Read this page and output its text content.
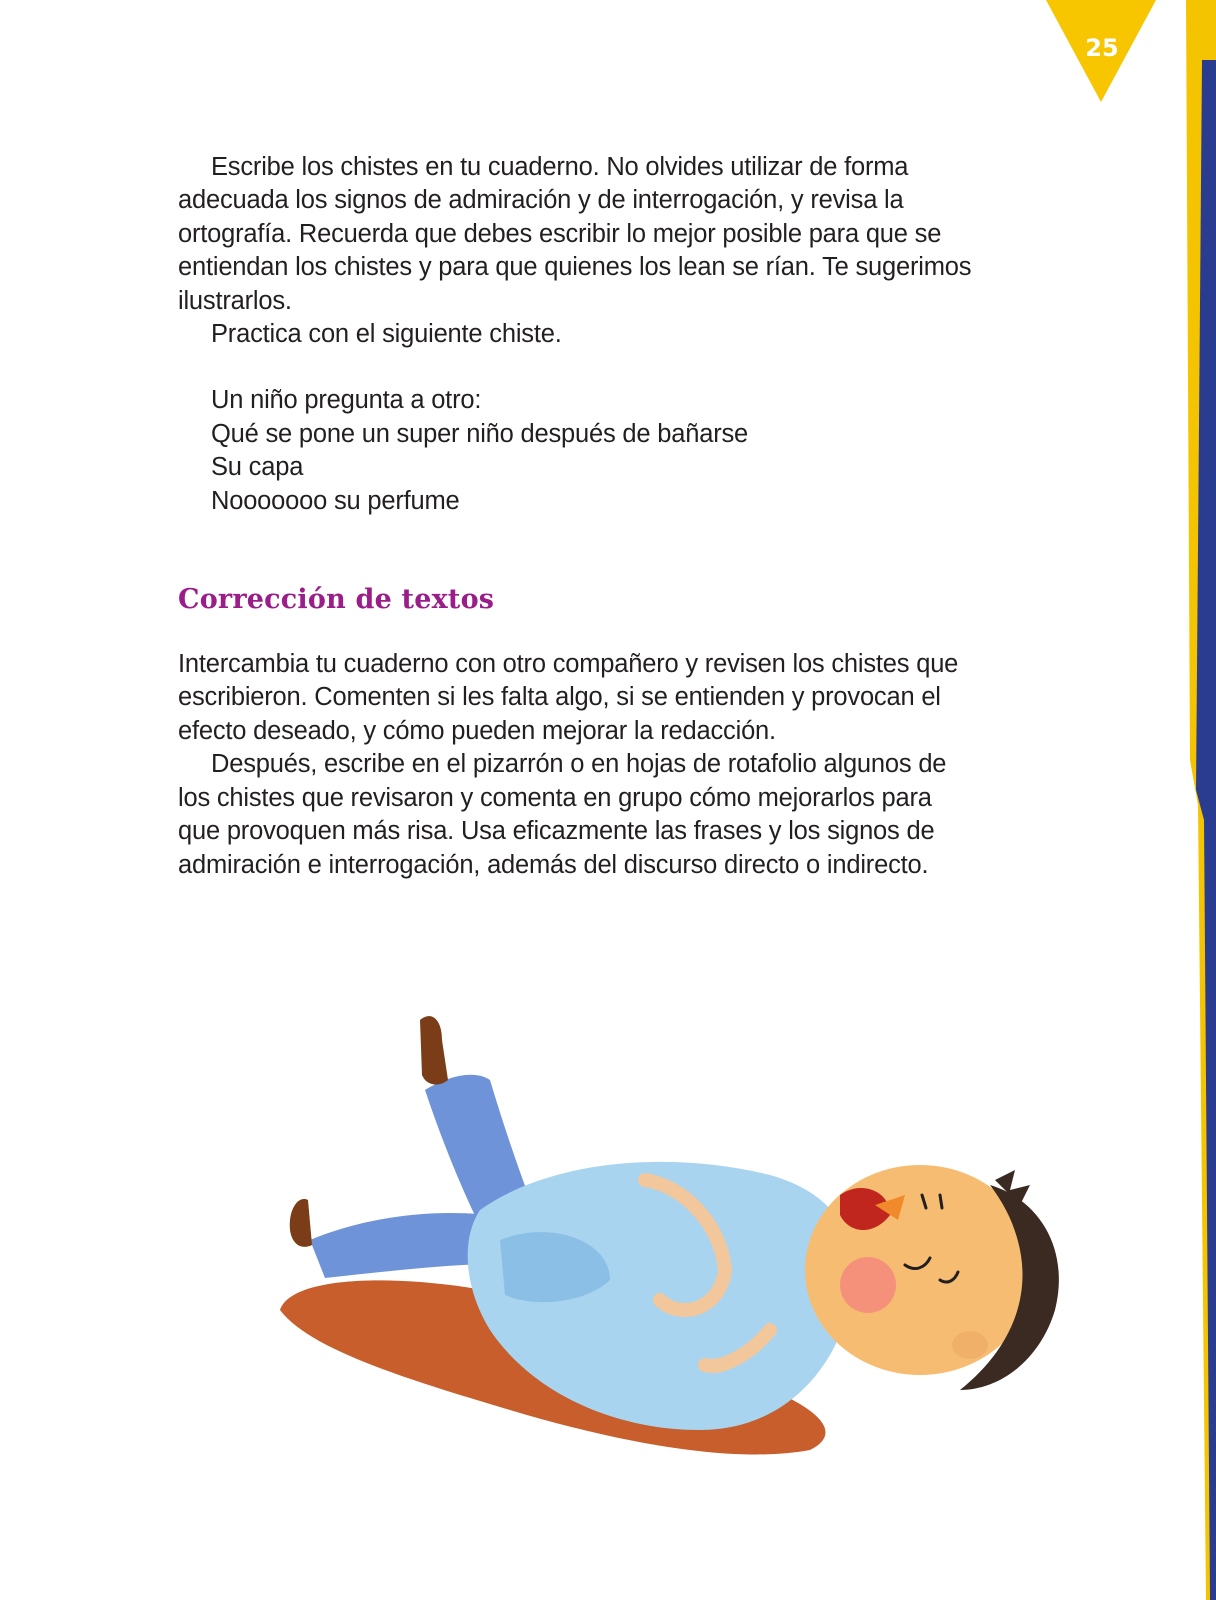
25

Escribe los chistes en tu cuaderno. No olvides utilizar de forma adecuada los signos de admiración y de interrogación, y revisa la ortografía. Recuerda que debes escribir lo mejor posible para que se entiendan los chistes y para que quienes los lean se rían. Te sugerimos ilustrarlos.

Practica con el siguiente chiste.

Un niño pregunta a otro:

Qué se pone un super niño después de bañarse

Su capa

Nooooooo su perfume

Corrección de textos

Intercambia tu cuaderno con otro compañero y revisen los chistes que escribieron. Comenten si les falta algo, si se entienden y provocan el efecto deseado, y cómo pueden mejorar la redacción.

Después, escribe en el pizarrón o en hojas de rotafolio algunos de los chistes que revisaron y comenta en grupo cómo mejorarlos para que provoquen más risa. Usa eficazmente las frases y los signos de admiración e interrogación, además del discurso directo o indirecto.
